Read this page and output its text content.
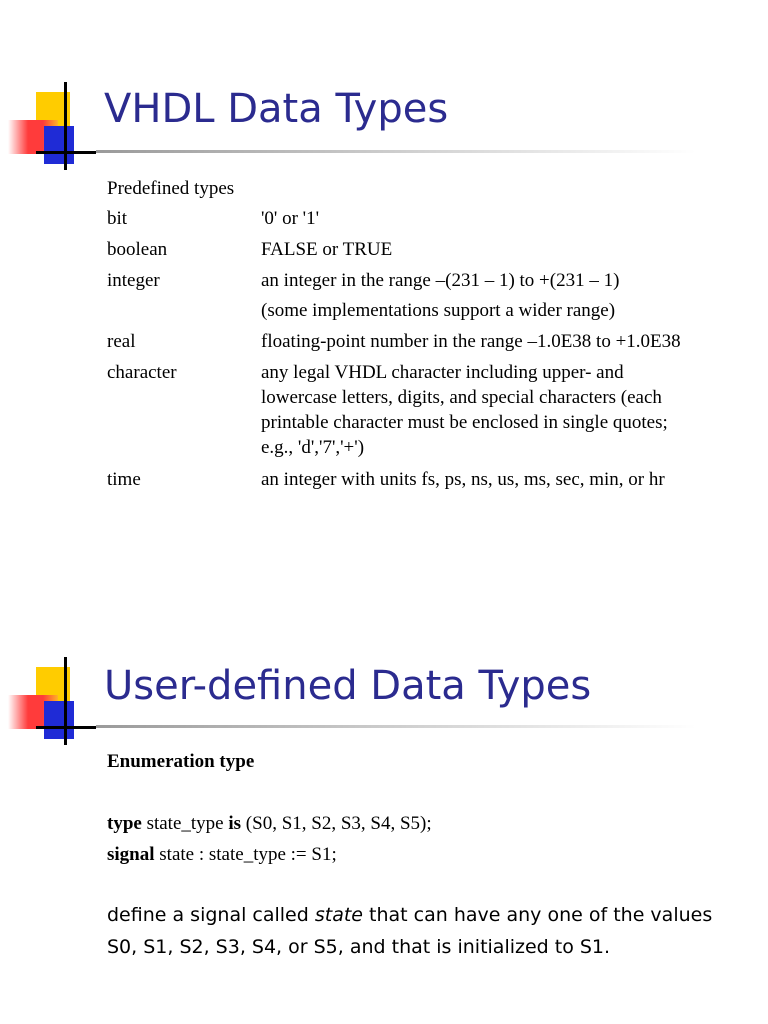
VHDL Data Types
Predefined types
bit	'0' or '1'
boolean	FALSE or TRUE
integer	an integer in the range –(231 – 1) to +(231 – 1)
(some implementations support a wider range)
real	floating-point number in the range –1.0E38 to +1.0E38
character	any legal VHDL character including upper- and
lowercase letters, digits, and special characters (each
printable character must be enclosed in single quotes;
e.g., 'd','7','+')
time	an integer with units fs, ps, ns, us, ms, sec, min, or hr
User-defined Data Types
Enumeration type
type state_type is (S0, S1, S2, S3, S4, S5);
signal state : state_type := S1;
define a signal called state that can have any one of the values
S0, S1, S2, S3, S4, or S5, and that is initialized to S1.
